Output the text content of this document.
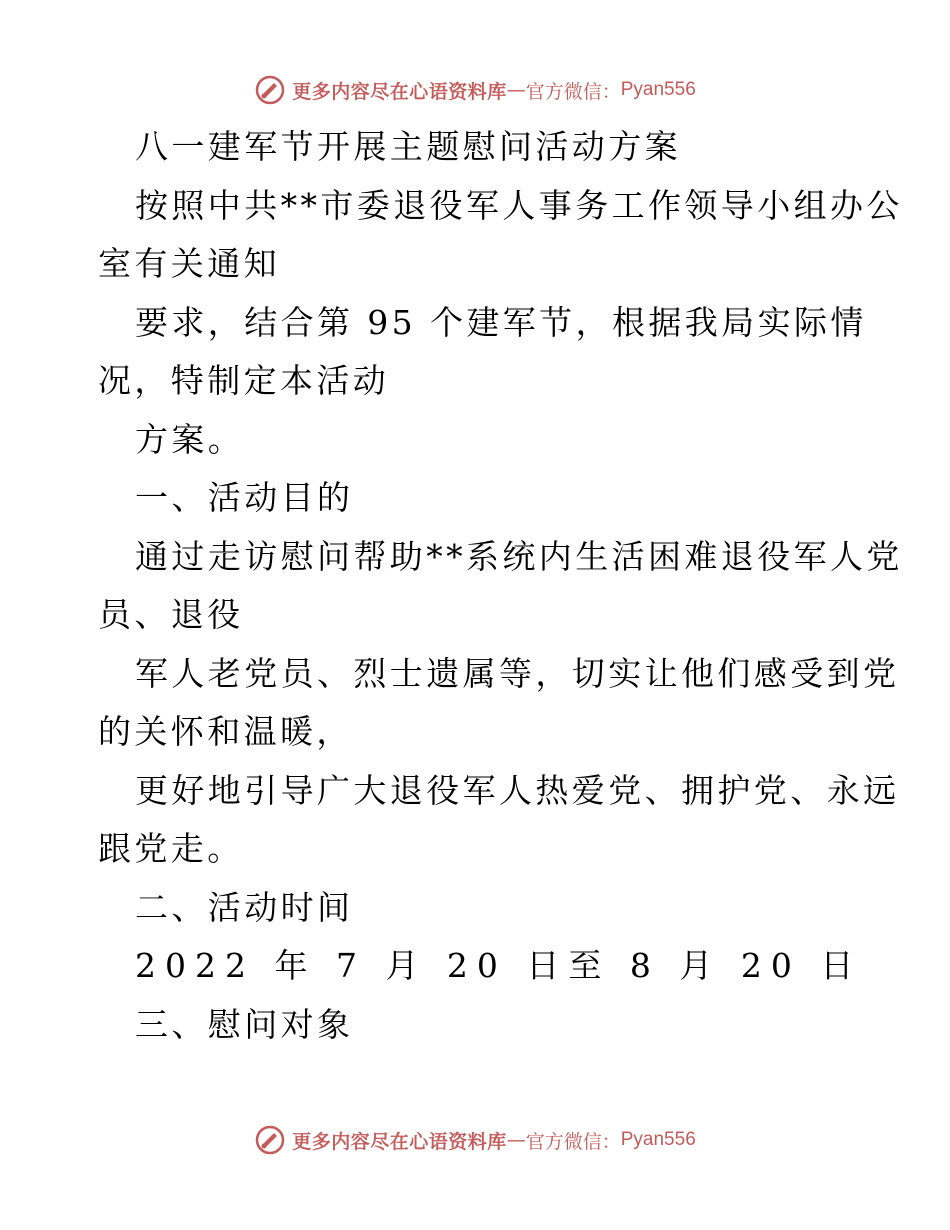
更多内容尽在心语资料库 — 官方微信： Pyan556
八一建军节开展主题慰问活动方案
按照中共**市委退役军人事务工作领导小组办公
室有关通知
要求，结合第 95 个建军节，根据我局实际情
况，特制定本活动
方案。
一、活动目的
通过走访慰问帮助**系统内生活困难退役军人党
员、退役
军人老党员、烈士遗属等，切实让他们感受到党
的关怀和温暖，
更好地引导广大退役军人热爱党、拥护党、永远
跟党走。
二、活动时间
2022 年 7 月 20 日至 8 月 20 日
三、慰问对象
更多内容尽在心语资料库 — 官方微信： Pyan556
